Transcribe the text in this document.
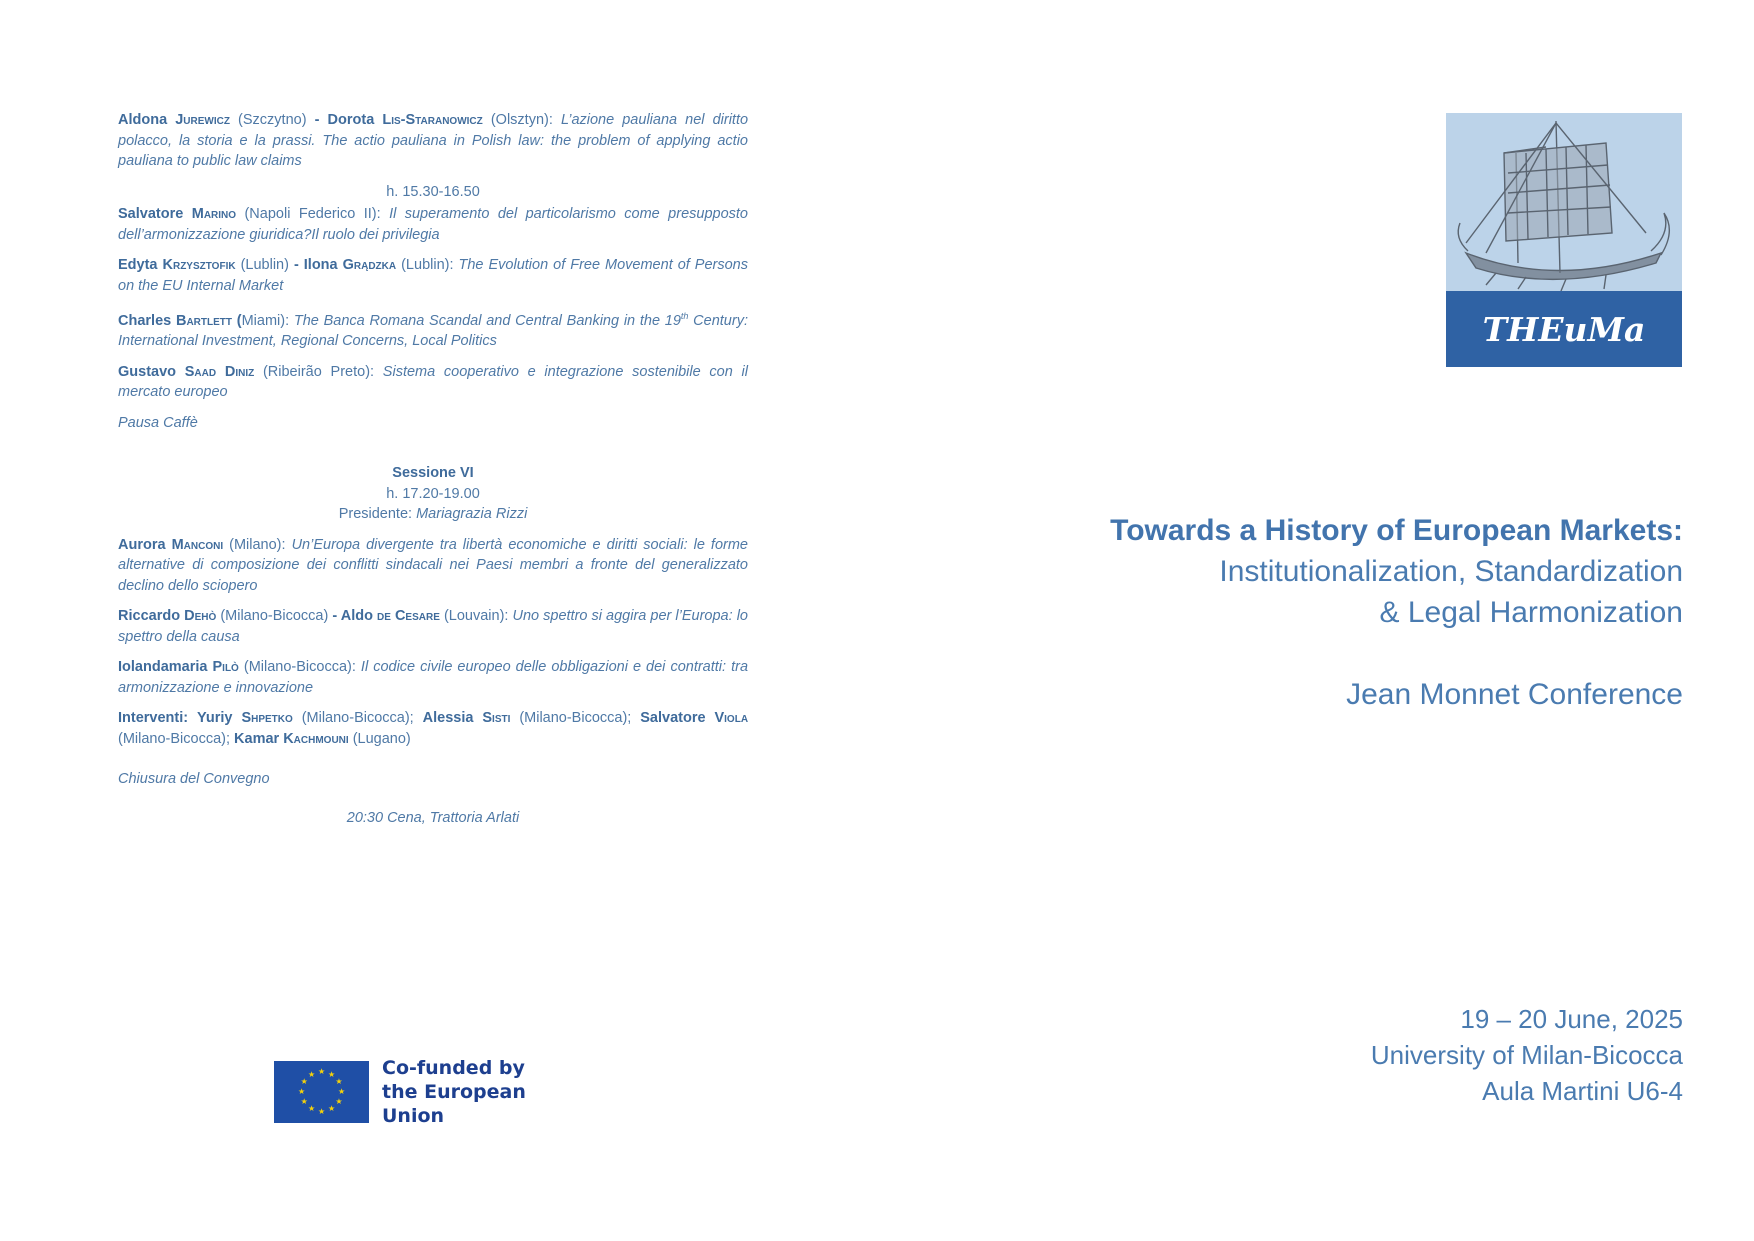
Aldona Jurewicz (Szczytno) - Dorota Lis-Staranowicz (Olsztyn): L’azione pauliana nel diritto polacco, la storia e la prassi. The actio pauliana in Polish law: the problem of applying actio pauliana to public law claims
h. 15.30-16.50
Salvatore Marino (Napoli Federico II): Il superamento del particolarismo come presupposto dell’armonizzazione giuridica?Il ruolo dei privilegia
Edyta Krzysztofik (Lublin) - Ilona Grądzka (Lublin): The Evolution of Free Movement of Persons on the EU Internal Market
Charles Bartlett (Miami): The Banca Romana Scandal and Central Banking in the 19th Century: International Investment, Regional Concerns, Local Politics
Gustavo Saad Diniz (Ribeirão Preto): Sistema cooperativo e integrazione sostenibile con il mercato europeo
Pausa Caffè
Sessione VI
h. 17.20-19.00
Presidente: Mariagrazia Rizzi
Aurora Manconi (Milano): Un’Europa divergente tra libertà economiche e diritti sociali: le forme alternative di composizione dei conflitti sindacali nei Paesi membri a fronte del generalizzato declino dello sciopero
Riccardo Dehò (Milano-Bicocca) - Aldo de Cesare (Louvain): Uno spettro si aggira per l’Europa: lo spettro della causa
Iolandamaria Pilò (Milano-Bicocca): Il codice civile europeo delle obbligazioni e dei contratti: tra armonizzazione e innovazione
Interventi: Yuriy Shpetko (Milano-Bicocca); Alessia Sisti (Milano-Bicocca); Salvatore Viola (Milano-Bicocca); Kamar Kachmouni (Lugano)
Chiusura del Convegno
20:30 Cena, Trattoria Arlati
★ ★
★
★
★
★
★
★
★
★
★
★	Co-funded by
the European Union
THEuMa
Towards a History of European Markets:
Institutionalization, Standardization
& Legal Harmonization
Jean Monnet Conference
19 – 20 June, 2025
University of Milan-Bicocca
Aula Martini U6-4
